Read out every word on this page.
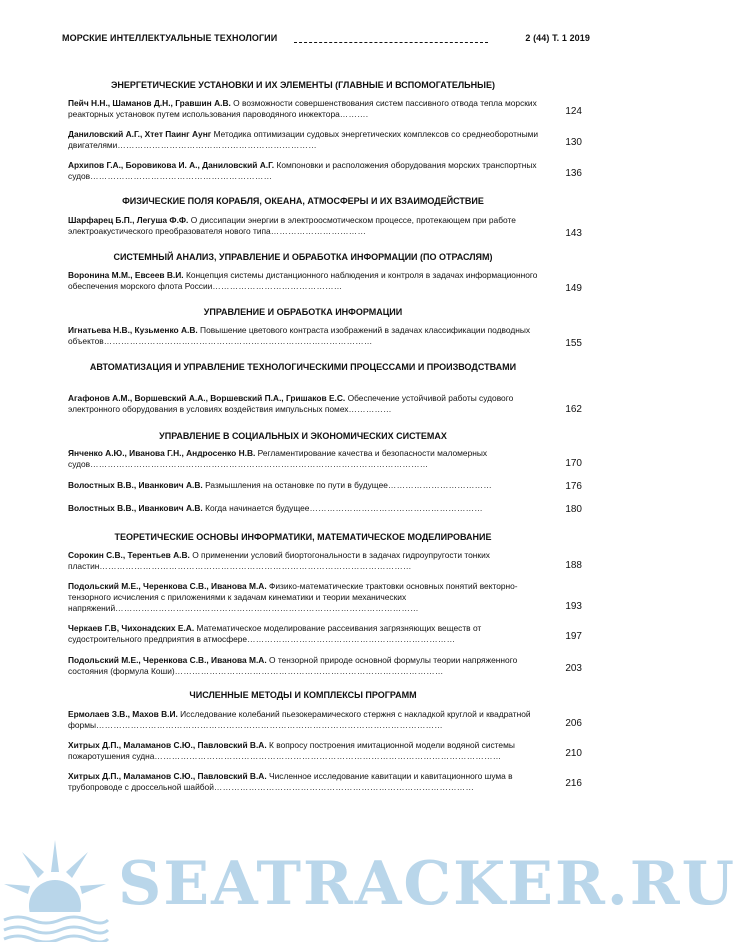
МОРСКИЕ ИНТЕЛЛЕКТУАЛЬНЫЕ ТЕХНОЛОГИИ	2 (44) Т. 1 2019
ЭНЕРГЕТИЧЕСКИЕ УСТАНОВКИ И ИХ ЭЛЕМЕНТЫ (ГЛАВНЫЕ И ВСПОМОГАТЕЛЬНЫЕ)
Пейч Н.Н., Шаманов Д.Н., Гравшин А.В. О возможности совершенствования систем пассивного отвода тепла морских реакторных установок путем использования пароводяного инжектора……….	124
Даниловский А.Г., Хтет Паинг Аунг Методика оптимизации судовых энергетических комплексов со среднеоборотными двигателями……………………………………………………………	130
Архипов Г.А., Боровикова И. А., Даниловский А.Г. Компоновки и расположения оборудования морских транспортных судов………………………………………………………	136
ФИЗИЧЕСКИЕ ПОЛЯ КОРАБЛЯ, ОКЕАНА, АТМОСФЕРЫ И ИХ ВЗАИМОДЕЙСТВИЕ
Шарфарец Б.П., Легуша Ф.Ф. О диссипации энергии в электроосмотическом процессе, протекающем при работе электроакустического преобразователя нового типа……………………………	143
СИСТЕМНЫЙ АНАЛИЗ, УПРАВЛЕНИЕ И ОБРАБОТКА ИНФОРМАЦИИ (ПО ОТРАСЛЯМ)
Воронина М.М., Евсеев В.И. Концепция системы дистанционного наблюдения и контроля в задачах информационного обеспечения морского флота России………………………………………	149
УПРАВЛЕНИЕ И ОБРАБОТКА ИНФОРМАЦИИ
Игнатьева Н.В., Кузьменко А.В. Повышение цветового контраста изображений в задачах классификации подводных объектов…………………………………………………………………………………	155
АВТОМАТИЗАЦИЯ И УПРАВЛЕНИЕ ТЕХНОЛОГИЧЕСКИМИ ПРОЦЕССАМИ И ПРОИЗВОДСТВАМИ
Агафонов А.М., Воршевский А.А., Воршевский П.А., Гришаков Е.С. Обеспечение устойчивой работы судового электронного оборудования в условиях воздействия импульсных помех……………	162
УПРАВЛЕНИЕ В СОЦИАЛЬНЫХ И ЭКОНОМИЧЕСКИХ СИСТЕМАХ
Янченко А.Ю., Иванова Г.Н., Андросенко Н.В. Регламентирование качества и безопасности маломерных судов………………………………………………………………………………………………………	170
Волостных В.В., Иванкович А.В. Размышления на остановке по пути в будущее………………………………	176
Волостных В.В., Иванкович А.В. Когда начинается будущее……………………………………………………	180
ТЕОРЕТИЧЕСКИЕ ОСНОВЫ ИНФОРМАТИКИ, МАТЕМАТИЧЕСКОЕ МОДЕЛИРОВАНИЕ
Сорокин С.В., Терентьев А.В. О применении условий биортогональности в задачах гидроупругости тонких пластин………………………………………………………………………………………………	188
Подольский М.Е., Черенкова С.В., Иванова М.А. Физико-математические трактовки основных понятий векторно-тензорного исчисления с приложениями к задачам кинематики и теории механических напряжений……………………………………………………………………………………………	193
Черкаев Г.В, Чихонадских Е.А. Математическое моделирование рассеивания загрязняющих веществ от судостроительного предприятия в атмосфере………………………………………………………………	197
Подольский М.Е., Черенкова С.В., Иванова М.А. О тензорной природе основной формулы теории напряженного состояния (формула Коши)…………………………………………………………………………………	203
ЧИСЛЕННЫЕ МЕТОДЫ И КОМПЛЕКСЫ ПРОГРАММ
Ермолаев З.В., Махов В.И. Исследование колебаний пьезокерамического стержня с накладкой круглой и квадратной формы…………………………………………………………………………………………………………	206
Хитрых Д.П., Маламанов С.Ю., Павловский В.А. К вопросу построения имитационной модели водяной системы пожаротушения судна…………………………………………………………………………………………………………	210
Хитрых Д.П., Маламанов С.Ю., Павловский В.А. Численное исследование кавитации и кавитационного шума в трубопроводе с дроссельной шайбой………………………………………………………………………………	216
SEATRACKER.RU
